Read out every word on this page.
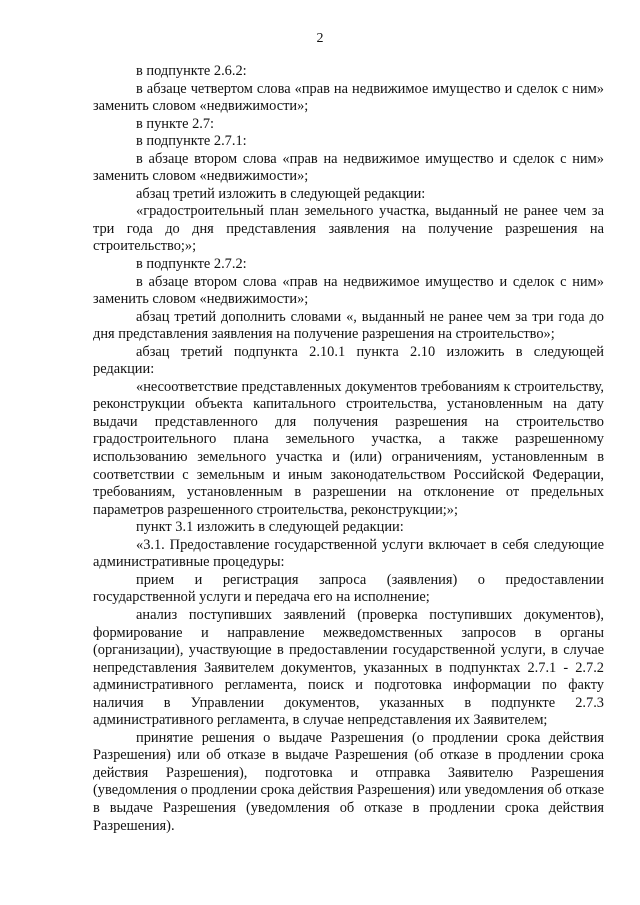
2

в подпункте 2.6.2:

в абзаце четвертом слова «прав на недвижимое имущество и сделок с ним» заменить словом «недвижимости»;

в пункте 2.7:

в подпункте 2.7.1:

в абзаце втором слова «прав на недвижимое имущество и сделок с ним» заменить словом «недвижимости»;

абзац третий изложить в следующей редакции:

«градостроительный план земельного участка, выданный не ранее чем за три года до дня представления заявления на получение разрешения на строительство;»;

в подпункте 2.7.2:

в абзаце втором слова «прав на недвижимое имущество и сделок с ним» заменить словом «недвижимости»;

абзац третий дополнить словами «, выданный не ранее чем за три года до дня представления заявления на получение разрешения на строительство»;

абзац третий подпункта 2.10.1 пункта 2.10 изложить в следующей редакции:

«несоответствие представленных документов требованиям к строительству, реконструкции объекта капитального строительства, установленным на дату выдачи представленного для получения разрешения на строительство градостроительного плана земельного участка, а также разрешенному использованию земельного участка и (или) ограничениям, установленным в соответствии с земельным и иным законодательством Российской Федерации, требованиям, установленным в разрешении на отклонение от предельных параметров разрешенного строительства, реконструкции;»;

пункт 3.1 изложить в следующей редакции:

«3.1. Предоставление государственной услуги включает в себя следующие административные процедуры:

прием и регистрация запроса (заявления) о предоставлении государственной услуги и передача его на исполнение;

анализ поступивших заявлений (проверка поступивших документов), формирование и направление межведомственных запросов в органы (организации), участвующие в предоставлении государственной услуги, в случае непредставления Заявителем документов, указанных в подпунктах 2.7.1 - 2.7.2 административного регламента, поиск и подготовка информации по факту наличия в Управлении документов, указанных в подпункте 2.7.3 административного регламента, в случае непредставления их Заявителем;

принятие решения о выдаче Разрешения (о продлении срока действия Разрешения) или об отказе в выдаче Разрешения (об отказе в продлении срока действия Разрешения), подготовка и отправка Заявителю Разрешения (уведомления о продлении срока действия Разрешения) или уведомления об отказе в выдаче Разрешения (уведомления об отказе в продлении срока действия Разрешения).
